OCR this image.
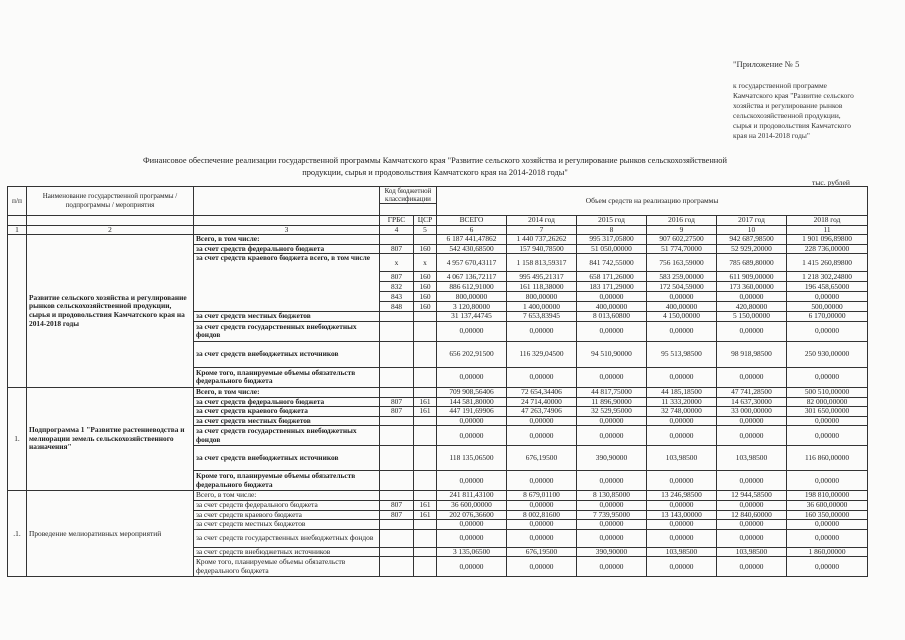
"Приложение № 5
к государственной программе
Камчатского края "Развитие сельского
хозяйства и регулирование рынков
сельскохозяйственной продукции,
сырья и продовольствия Камчатского
края на 2014-2018 годы"
Финансовое обеспечение реализации государственной программы Камчатского края "Развитие сельского хозяйства и регулирование рынков сельскохозяйственной
продукции, сырья и продовольствия Камчатского края на 2014-2018 годы"
тыс. рублей
п/п	Наименование государственной программы / подпрограммы / мероприятия		Код бюджетной классификации		Объем средств на реализацию программы					

			ГРБС	ЦСР	ВСЕГО	2014 год	2015 год	2016 год	2017 год	2018 год
1	2	3	4	5	6	7	8	9	10	11
	Развитие сельского хозяйства и регулирование рынков сельскохозяйственной продукции, сырья и продовольствия Камчатского края на 2014-2018 годы	Всего, в том числе:			6 187 441,47862	1 440 737,26262	995 317,05800	907 602,27500	942 687,98500	1 901 096,89800
		за счет средств федерального бюджета	807	160	542 430,68500	157 940,78500	51 050,00000	51 774,70000	52 929,20000	228 736,00000
		за счет средств краевого бюджета всего, в том числе	x	x	4 957 670,43117	1 158 813,59317	841 742,55000	756 163,59000	785 689,80000	1 415 260,89800
			807	160	4 067 136,72117	995 495,21317	658 171,26000	583 259,00000	611 909,00000	1 218 302,24800
			832	160	886 612,91000	161 118,38000	183 171,29000	172 504,59000	173 360,00000	196 458,65000
			843	160	800,00000	800,00000	0,00000	0,00000	0,00000	0,00000
			848	160	3 120,80000	1 400,00000	400,00000	400,00000	420,80000	500,00000
		за счет средств местных бюджетов			31 137,44745	7 653,83945	8 013,60800	4 150,00000	5 150,00000	6 170,00000
		за счет средств государственных внебюджетных фондов			0,00000	0,00000	0,00000	0,00000	0,00000	0,00000
		за счет средств внебюджетных источников			656 202,91500	116 329,04500	94 510,90000	95 513,98500	98 918,98500	250 930,00000
		Кроме того, планируемые объемы обязательств федерального бюджета			0,00000	0,00000	0,00000	0,00000	0,00000	0,00000
1.	Подпрограмма 1 "Развитие растениеводства и мелиорации земель сельскохозяйственного назначения"	Всего, в том числе:			709 908,56406	72 654,34406	44 817,75000	44 185,18500	47 741,28500	500 510,00000
		за счет средств федерального бюджета	807	161	144 581,80000	24 714,40000	11 896,90000	11 333,20000	14 637,30000	82 000,00000
		за счет средств краевого бюджета	807	161	447 191,69906	47 263,74906	32 529,95000	32 748,00000	33 000,00000	301 650,00000
		за счет средств местных бюджетов			0,00000	0,00000	0,00000	0,00000	0,00000	0,00000
		за счет средств государственных внебюджетных фондов			0,00000	0,00000	0,00000	0,00000	0,00000	0,00000
		за счет средств внебюджетных источников			118 135,06500	676,19500	390,90000	103,98500	103,98500	116 860,00000
		Кроме того, планируемые объемы обязательств федерального бюджета			0,00000	0,00000	0,00000	0,00000	0,00000	0,00000
.1.	Проведение мелиоративных мероприятий	Всего, в том числе:			241 811,43100	8 679,01100	8 130,85000	13 246,98500	12 944,58500	198 810,00000
		за счет средств федерального бюджета	807	161	36 600,00000	0,00000	0,00000	0,00000	0,00000	36 600,00000
		за счет средств краевого бюджета	807	161	202 076,36600	8 002,81600	7 739,95000	13 143,00000	12 840,60000	160 350,00000
		за счет средств местных бюджетов			0,00000	0,00000	0,00000	0,00000	0,00000	0,00000
		за счет средств государственных внебюджетных фондов			0,00000	0,00000	0,00000	0,00000	0,00000	0,00000
		за счет средств внебюджетных источников			3 135,06500	676,19500	390,90000	103,98500	103,98500	1 860,00000
		Кроме того, планируемые объемы обязательств федерального бюджета			0,00000	0,00000	0,00000	0,00000	0,00000	0,00000
